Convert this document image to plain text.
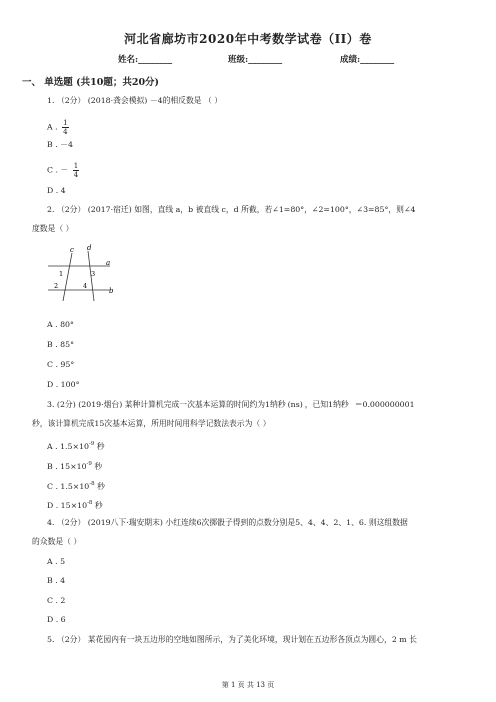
河北省廊坊市2020年中考数学试卷（II）卷
姓名:________	班级:________	成绩:________
一、 单选题 (共10题；共20分)
1. （2分） (2018·龚会模拟) －4的相反数是 （ ）
A . $\frac{1}{4}$
B . －4
C . － $\frac{1}{4}$
D . 4
2. （2分） (2017·宿迁) 如图，直线 a，b 被直线 c，d 所截，若∠1=80°，∠2=100°，∠3=85°，则∠4
度数是（ ）
c d
a
b
1	3
2	4
A . 80°
B . 85°
C . 95°
D . 100°
3. (2分) (2019·烟台) 某种计算机完成一次基本运算的时间约为1纳秒 (ns) ，已知1纳秒 ＝0.000000001
秒，该计算机完成15次基本运算，所用时间用科学记数法表示为（ ）
A . $1.5\times 10^{-9}$ 秒
B . $15\times 10^{-9}$ 秒
C . $1.5\times 10^{-8}$ 秒
D . $15\times 10^{-8}$ 秒
4. （2分） (2019八下·瑞安期末) 小红连续6次掷骰子得到的点数分别是5、4、4、2、1、6. 则这组数据
的众数是（ ）
A . 5
B . 4
C . 2
D . 6
5. （2分） 某花园内有一块五边形的空地如图所示，为了美化环境，现计划在五边形各顶点为圆心，2 m 长
第 1 页 共 13 页
